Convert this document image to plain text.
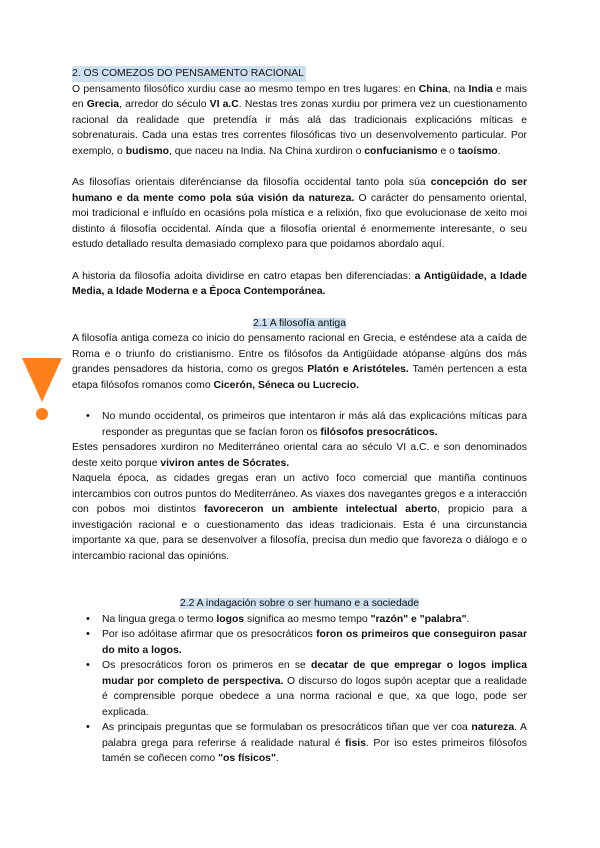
2. OS COMEZOS DO PENSAMENTO RACIONAL

O pensamento filosófico xurdiu case ao mesmo tempo en tres lugares: en China, na India e mais en Grecia, arredor do século VI a.C. Nestas tres zonas xurdiu por primera vez un cuestionamento racional da realidade que pretendía ir más alá das tradicionais explicacións míticas e sobrenaturais. Cada una estas tres correntes filosóficas tivo un desenvolvemento particular. Por exemplo, o budismo, que naceu na India. Na China xurdiron o confucianismo e o taoísmo.

As filosofías orientais diferéncianse da filosofía occidental tanto pola súa concepción do ser humano e da mente como pola súa visión da natureza. O carácter do pensamento oriental, moi tradicional e influído en ocasións pola mística e a relixión, fixo que evolucionase de xeito moi distinto á filosofía occidental. Aínda que a filosofía oriental é enormemente interesante, o seu estudo detallado resulta demasiado complexo para que poidamos abordalo aquí.

A historia da filosofía adoita dividirse en catro etapas ben diferenciadas: a Antigüidade, a Idade Media, a Idade Moderna e a Época Contemporánea.

2.1 A filosofía antiga

A filosofía antiga comeza co inicio do pensamento racional en Grecia, e esténdese ata a caída de Roma e o triunfo do cristianismo. Entre os filósofos da Antigüidade atópanse algúns dos más grandes pensadores da historia, como os gregos Platón e Aristóteles. Tamén pertencen a esta etapa filósofos romanos como Cicerón, Séneca ou Lucrecio.

• No mundo occidental, os primeiros que intentaron ir más alá das explicacións míticas para responder as preguntas que se facían foron os filósofos presocráticos.

Estes pensadores xurdiron no Mediterráneo oriental cara ao século VI a.C. e son denominados deste xeito porque viviron antes de Sócrates.

Naquela época, as cidades gregas eran un activo foco comercial que mantiña continuos intercambios con outros puntos do Mediterráneo. As viaxes dos navegantes gregos e a interacción con pobos moi distintos favoreceron un ambiente intelectual aberto, propicio para a investigación racional e o cuestionamento das ideas tradicionais. Esta é una circunstancia importante xa que, para se desenvolver a filosofía, precisa dun medio que favoreza o diálogo e o intercambio racional das opinións.

2.2 A indagación sobre o ser humano e a sociedade

• Na lingua grega o termo logos significa ao mesmo tempo "razón" e "palabra".
• Por iso adóitase afirmar que os presocráticos foron os primeiros que conseguiron pasar do mito a logos.
• Os presocráticos foron os primeros en se decatar de que empregar o logos implica mudar por completo de perspectiva. O discurso do logos supón aceptar que a realidade é comprensible porque obedece a una norma racional e que, xa que logo, pode ser explicada.
• As principais preguntas que se formulaban os presocráticos tiñan que ver coa natureza. A palabra grega para referirse á realidade natural é fisis. Por iso estes primeiros filósofos tamén se coñecen como "os físicos".
